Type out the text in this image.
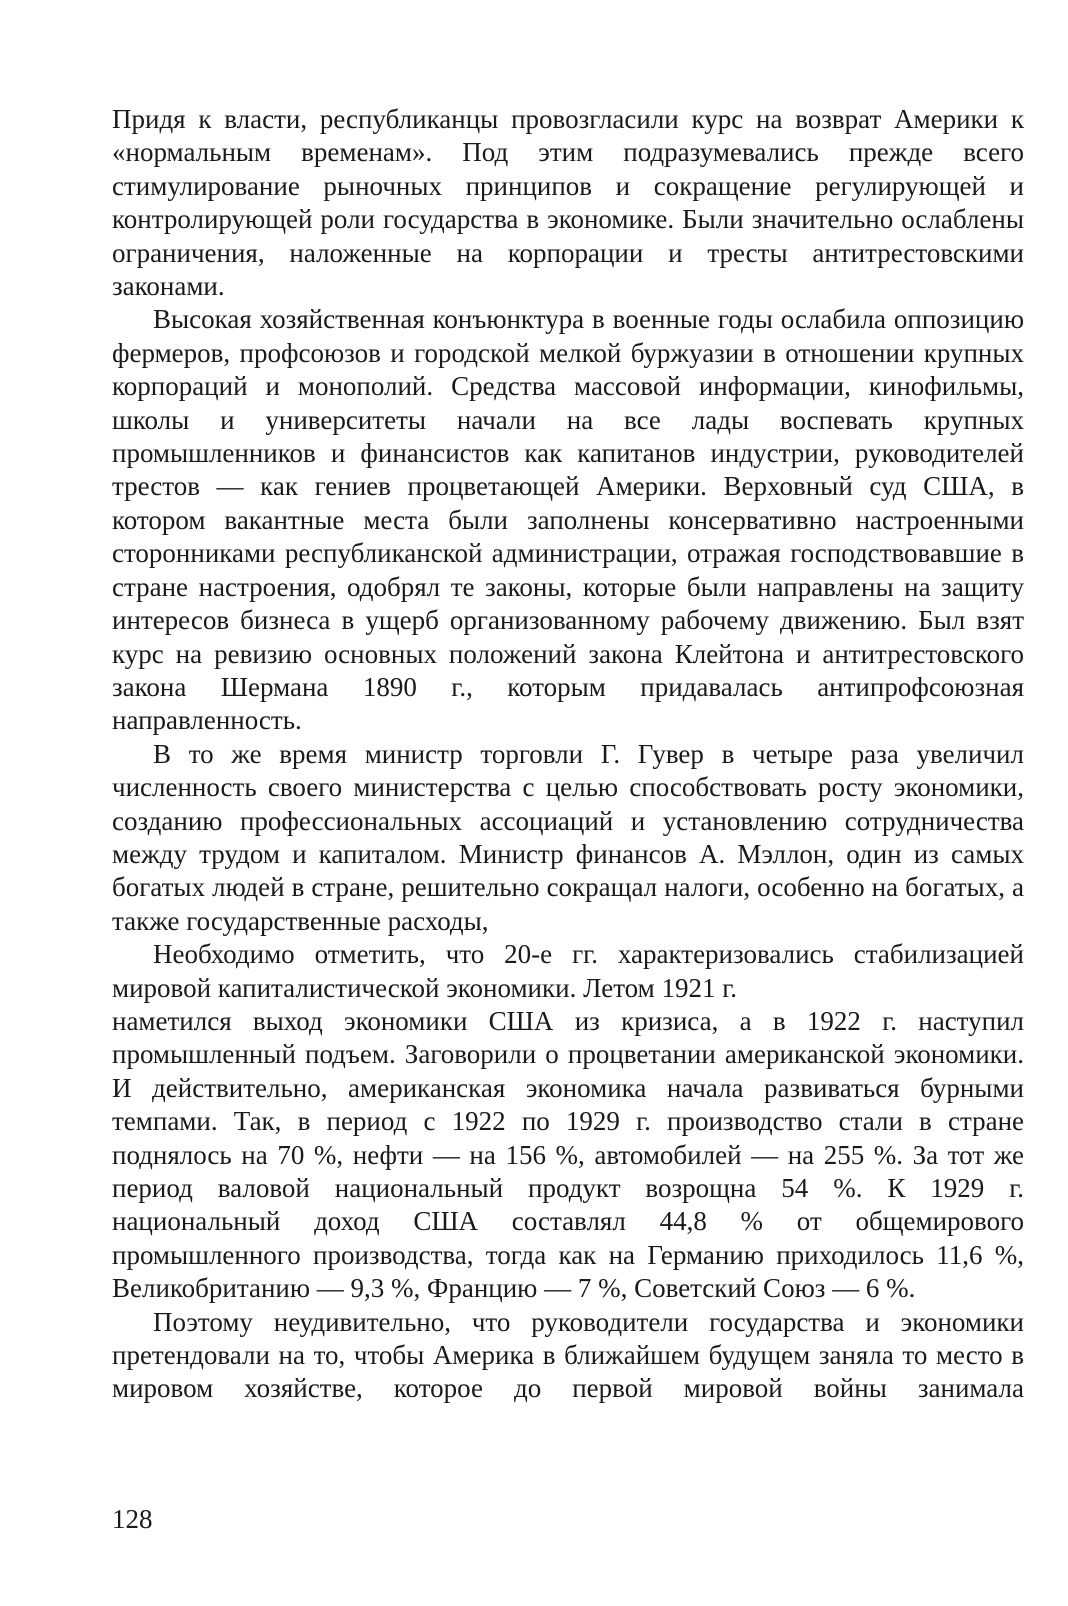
Придя к власти, республиканцы провозгласили курс на возврат Америки к «нормальным временам». Под этим подразумевались прежде всего стимулирование рыночных принципов и сокращение регулирующей и контролирующей роли государства в экономике. Были значительно ослаблены ограничения, наложенные на корпорации и тресты антитрестовскими законами.

Высокая хозяйственная конъюнктура в военные годы ослабила оппозицию фермеров, профсоюзов и городской мелкой буржуазии в отношении крупных корпораций и монополий. Средства массовой информации, кинофильмы, школы и университеты начали на все лады воспевать крупных промышленников и финансистов как капитанов индустрии, руководителей трестов — как гениев процветающей Америки. Верховный суд США, в котором вакантные места были заполнены консервативно настроенными сторонниками республиканской администрации, отражая господствовавшие в стране настроения, одобрял те законы, которые были направлены на защиту интересов бизнеса в ущерб организованному рабочему движению. Был взят курс на ревизию основных положений закона Клейтона и антитрестовского закона Шермана 1890 г., которым придавалась антипрофсоюзная направленность.

В то же время министр торговли Г. Гувер в четыре раза увеличил численность своего министерства с целью способствовать росту экономики, созданию профессиональных ассоциаций и установлению сотрудничества между трудом и капиталом. Министр финансов А. Мэллон, один из самых богатых людей в стране, решительно сокращал налоги, особенно на богатых, а также государственные расходы,

Необходимо отметить, что 20-е гг. характеризовались стабилизацией мировой капиталистической экономики. Летом 1921 г.

наметился выход экономики США из кризиса, а в 1922 г. наступил промышленный подъем. Заговорили о процветании американской экономики. И действительно, американская экономика начала развиваться бурными темпами. Так, в период с 1922 по 1929 г. производство стали в стране поднялось на 70 %, нефти — на 156 %, автомобилей — на 255 %. За тот же период валовой национальный продукт возрощна 54 %. К 1929 г. национальный доход США составлял 44,8 % от общемирового промышленного производства, тогда как на Германию приходилось 11,6 %, Великобританию — 9,3 %, Францию — 7 %, Советский Союз — 6 %.

Поэтому неудивительно, что руководители государства и экономики претендовали на то, чтобы Америка в ближайшем будущем заняла то место в мировом хозяйстве, которое до первой мировой войны занимала

128
